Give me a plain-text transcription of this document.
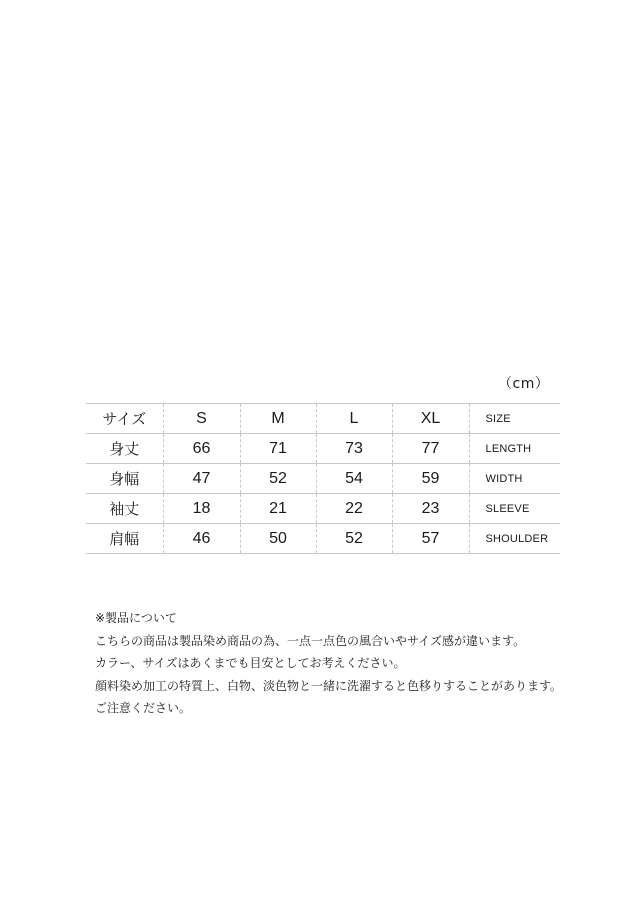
（cm）
サイズ	S	M	L	XL	SIZE
身丈	66	71	73	77	LENGTH
身幅	47	52	54	59	WIDTH
袖丈	18	21	22	23	SLEEVE
肩幅	46	50	52	57	SHOULDER
※製品について
こちらの商品は製品染め商品の為、一点一点色の風合いやサイズ感が違います。
カラー、サイズはあくまでも目安としてお考えください。
顔料染め加工の特質上、白物、淡色物と一緒に洗濯すると色移りすることがあります。
ご注意ください。
